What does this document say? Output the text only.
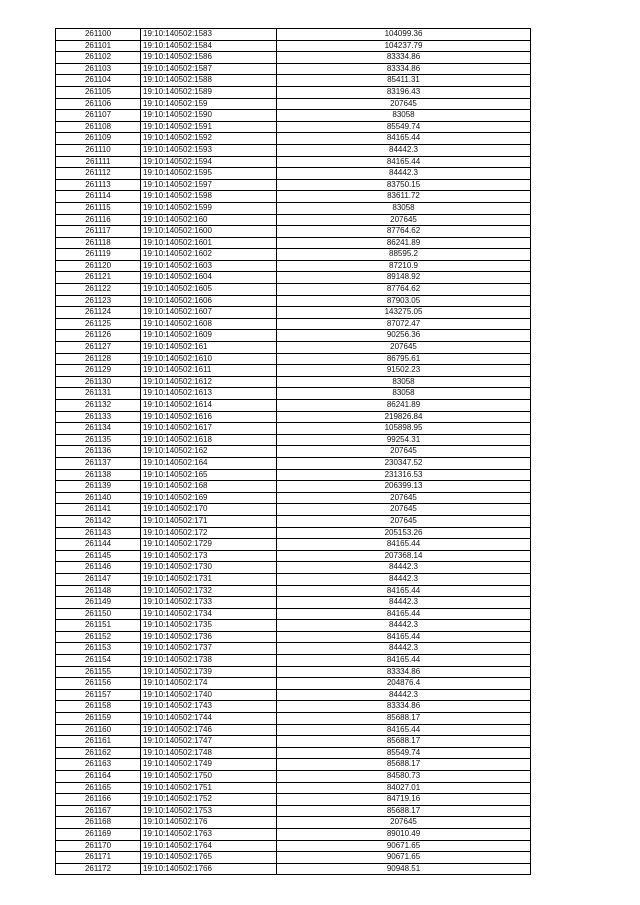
261100	19:10:140502:1583	104099.36
261101	19:10:140502:1584	104237.79
261102	19:10:140502:1586	83334.86
261103	19:10:140502:1587	83334.86
261104	19:10:140502:1588	85411.31
261105	19:10:140502:1589	83196.43
261106	19:10:140502:159	207645
261107	19:10:140502:1590	83058
261108	19:10:140502:1591	85549.74
261109	19:10:140502:1592	84165.44
261110	19:10:140502:1593	84442.3
261111	19:10:140502:1594	84165.44
261112	19:10:140502:1595	84442.3
261113	19:10:140502:1597	83750.15
261114	19:10:140502:1598	83611.72
261115	19:10:140502:1599	83058
261116	19:10:140502:160	207645
261117	19:10:140502:1600	87764.62
261118	19:10:140502:1601	86241.89
261119	19:10:140502:1602	88595.2
261120	19:10:140502:1603	87210.9
261121	19:10:140502:1604	89148.92
261122	19:10:140502:1605	87764.62
261123	19:10:140502:1606	87903.05
261124	19:10:140502:1607	143275.05
261125	19:10:140502:1608	87072.47
261126	19:10:140502:1609	90256.36
261127	19:10:140502:161	207645
261128	19:10:140502:1610	86795.61
261129	19:10:140502:1611	91502.23
261130	19:10:140502:1612	83058
261131	19:10:140502:1613	83058
261132	19:10:140502:1614	86241.89
261133	19:10:140502:1616	219826.84
261134	19:10:140502:1617	105898.95
261135	19:10:140502:1618	99254.31
261136	19:10:140502:162	207645
261137	19:10:140502:164	230347.52
261138	19:10:140502:165	231316.53
261139	19:10:140502:168	206399.13
261140	19:10:140502:169	207645
261141	19:10:140502:170	207645
261142	19:10:140502:171	207645
261143	19:10:140502:172	205153.26
261144	19:10:140502:1729	84165.44
261145	19:10:140502:173	207368.14
261146	19:10:140502:1730	84442.3
261147	19:10:140502:1731	84442.3
261148	19:10:140502:1732	84165.44
261149	19:10:140502:1733	84442.3
261150	19:10:140502:1734	84165.44
261151	19:10:140502:1735	84442.3
261152	19:10:140502:1736	84165.44
261153	19:10:140502:1737	84442.3
261154	19:10:140502:1738	84165.44
261155	19:10:140502:1739	83334.86
261156	19:10:140502:174	204876.4
261157	19:10:140502:1740	84442.3
261158	19:10:140502:1743	83334.86
261159	19:10:140502:1744	85688.17
261160	19:10:140502:1746	84165.44
261161	19:10:140502:1747	85688.17
261162	19:10:140502:1748	85549.74
261163	19:10:140502:1749	85688.17
261164	19:10:140502:1750	84580.73
261165	19:10:140502:1751	84027.01
261166	19:10:140502:1752	84719.16
261167	19:10:140502:1753	85688.17
261168	19:10:140502:176	207645
261169	19:10:140502:1763	89010.49
261170	19:10:140502:1764	90671.65
261171	19:10:140502:1765	90671.65
261172	19:10:140502:1766	90948.51
